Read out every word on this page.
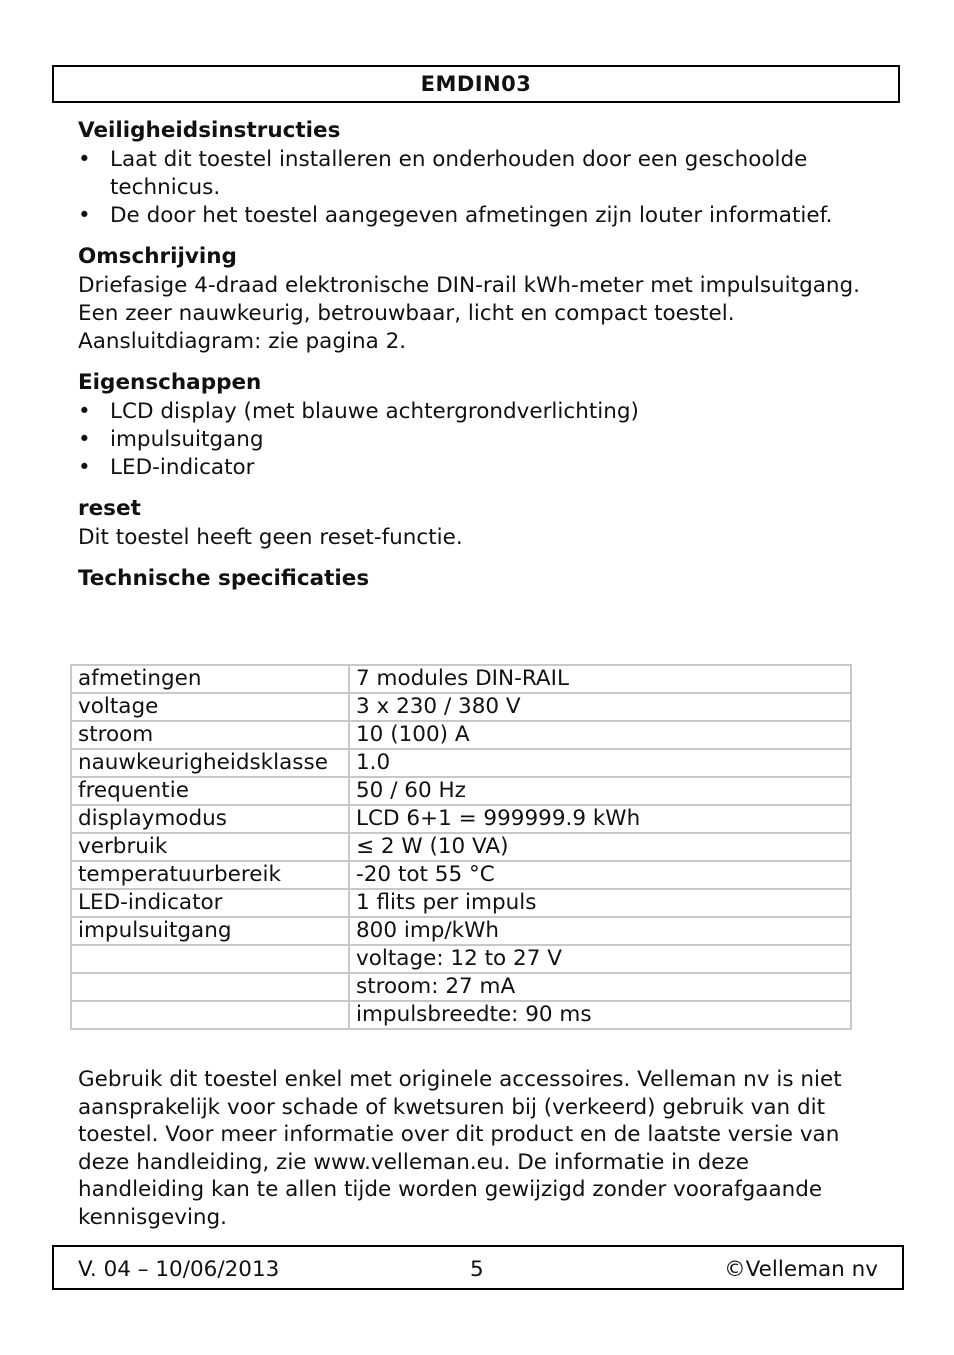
EMDIN03
Veiligheidsinstructies
• Laat dit toestel installeren en onderhouden door een geschoolde technicus.
• De door het toestel aangegeven afmetingen zijn louter informatief.
Omschrijving

Driefasige 4-draad elektronische DIN-rail kWh-meter met impulsuitgang. Een zeer nauwkeurig, betrouwbaar, licht en compact toestel.

Aansluitdiagram: zie pagina 2.

Eigenschappen
• LCD display (met blauwe achtergrondverlichting)
• impulsuitgang
• LED-indicator
reset

Dit toestel heeft geen reset-functie.

Technische specificaties
afmetingen	7 modules DIN-RAIL
voltage	3 x 230 / 380 V
stroom	10 (100) A
nauwkeurigheidsklasse	1.0
frequentie	50 / 60 Hz
displaymodus	LCD 6+1 = 999999.9 kWh
verbruik	≤ 2 W (10 VA)
temperatuurbereik	-20 tot 55 °C
LED-indicator	1 flits per impuls
impulsuitgang	800 imp/kWh
	voltage: 12 to 27 V
	stroom: 27 mA
	impulsbreedte: 90 ms

Gebruik dit toestel enkel met originele accessoires. Velleman nv is niet aansprakelijk voor schade of kwetsuren bij (verkeerd) gebruik van dit toestel. Voor meer informatie over dit product en de laatste versie van deze handleiding, zie www.velleman.eu. De informatie in deze handleiding kan te allen tijde worden gewijzigd zonder voorafgaande kennisgeving.

V. 04 – 10/06/2013	5	©Velleman nv
